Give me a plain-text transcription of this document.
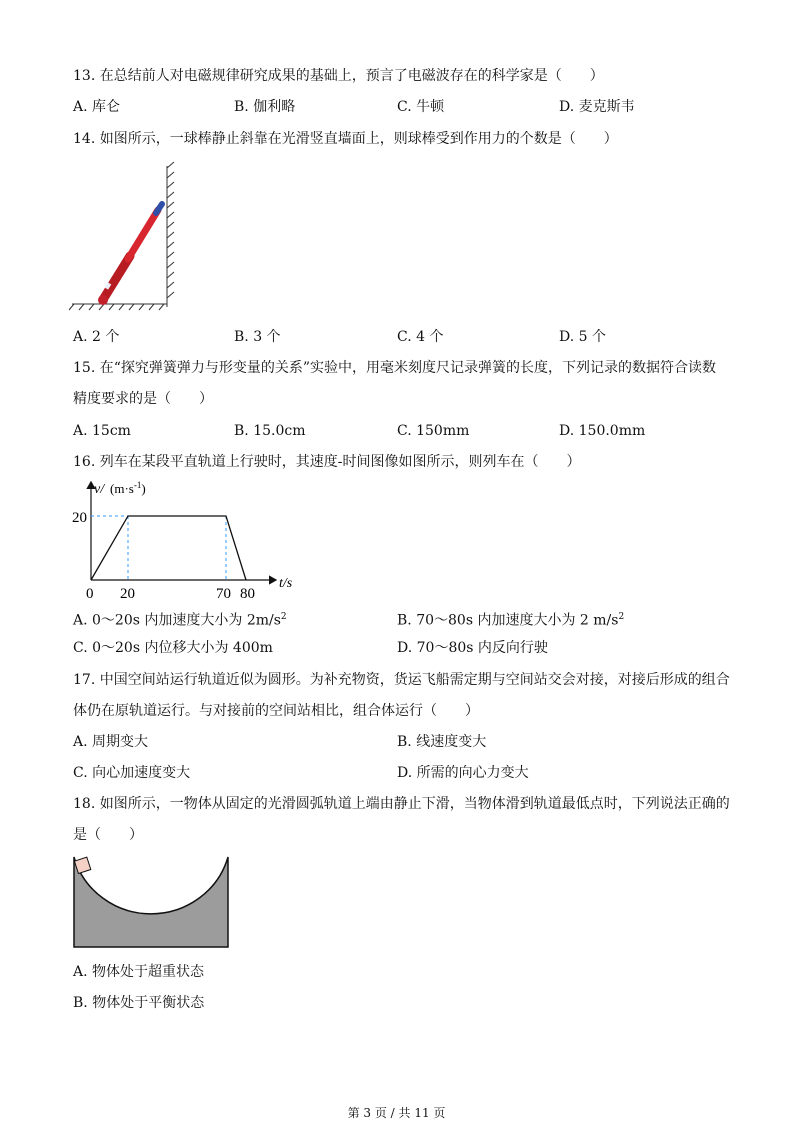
13. 在总结前人对电磁规律研究成果的基础上，预言了电磁波存在的科学家是（　　）
A. 库仑	B. 伽利略	C. 牛顿	D. 麦克斯韦
14. 如图所示，一球棒静止斜靠在光滑竖直墙面上，则球棒受到作用力的个数是（　　）
A. 2 个	B. 3 个	C. 4 个	D. 5 个
15. 在“探究弹簧弹力与形变量的关系”实验中，用毫米刻度尺记录弹簧的长度，下列记录的数据符合读数
精度要求的是（　　）
A. 15cm	B. 15.0cm	C. 150mm	D. 150.0mm
16. 列车在某段平直轨道上行驶时，其速度-时间图像如图所示，则列车在（　　）
v/ $(m\cdot s^{-1})$
20
0 20	70 80
t/s
A. 0～20s 内加速度大小为 $2m/s^2$	B. 70～80s 内加速度大小为 2 $m/s^2$
C. 0～20s 内位移大小为 400m	D. 70～80s 内反向行驶
17. 中国空间站运行轨道近似为圆形。为补充物资，货运飞船需定期与空间站交会对接，对接后形成的组合
体仍在原轨道运行。与对接前的空间站相比，组合体运行（　　）
A. 周期变大	B. 线速度变大
C. 向心加速度变大	D. 所需的向心力变大
18. 如图所示，一物体从固定的光滑圆弧轨道上端由静止下滑，当物体滑到轨道最低点时，下列说法正确的
是（　　）
A. 物体处于超重状态
B. 物体处于平衡状态
第 3 页 / 共 11 页
